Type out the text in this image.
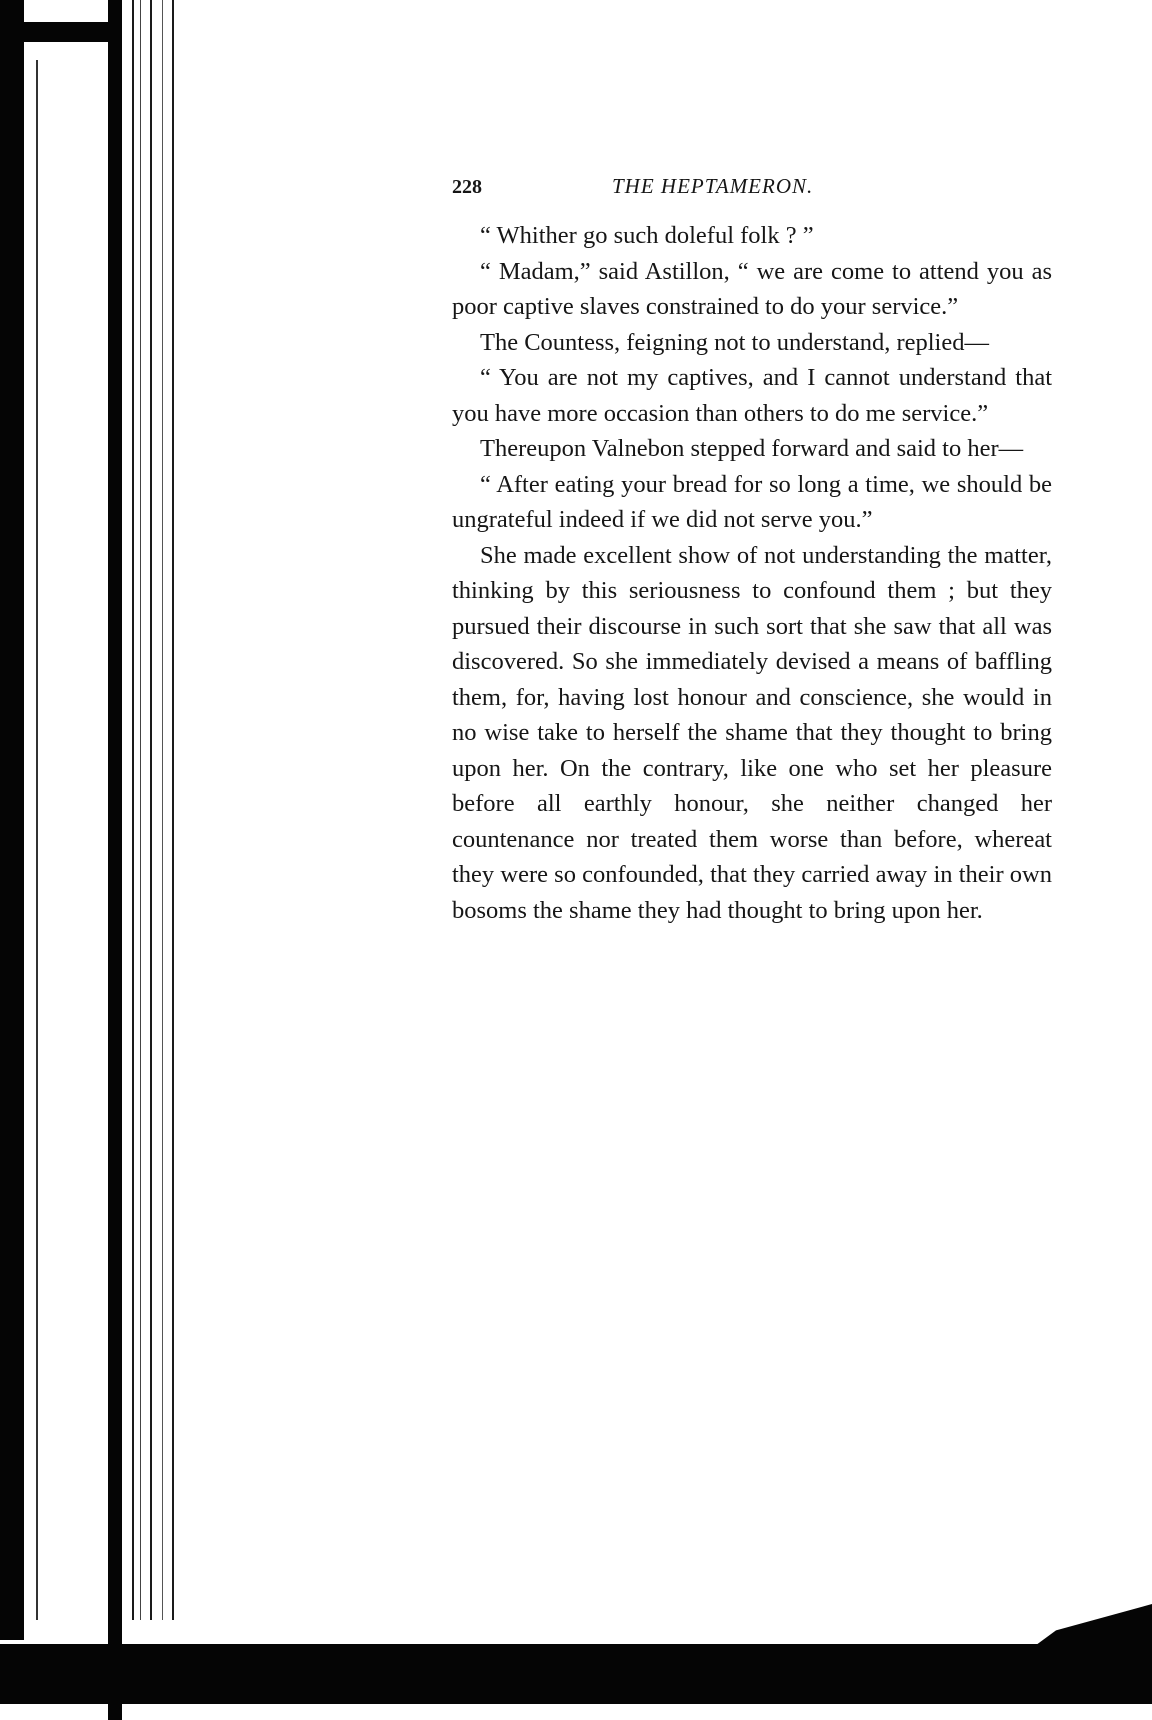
228	THE HEPTAMERON.

“ Whither go such doleful folk ? ”

“ Madam,” said Astillon, “ we are come to attend you as poor captive slaves constrained to do your service.”

The Countess, feigning not to understand, replied—

“ You are not my captives, and I cannot understand that you have more occasion than others to do me service.”

Thereupon Valnebon stepped forward and said to her—

“ After eating your bread for so long a time, we should be ungrateful indeed if we did not serve you.”

She made excellent show of not understanding the matter, thinking by this seriousness to confound them ; but they pursued their discourse in such sort that she saw that all was discovered. So she immediately devised a means of baffling them, for, having lost honour and conscience, she would in no wise take to herself the shame that they thought to bring upon her. On the contrary, like one who set her pleasure before all earthly honour, she neither changed her countenance nor treated them worse than before, whereat they were so confounded, that they carried away in their own bosoms the shame they had thought to bring upon her.
